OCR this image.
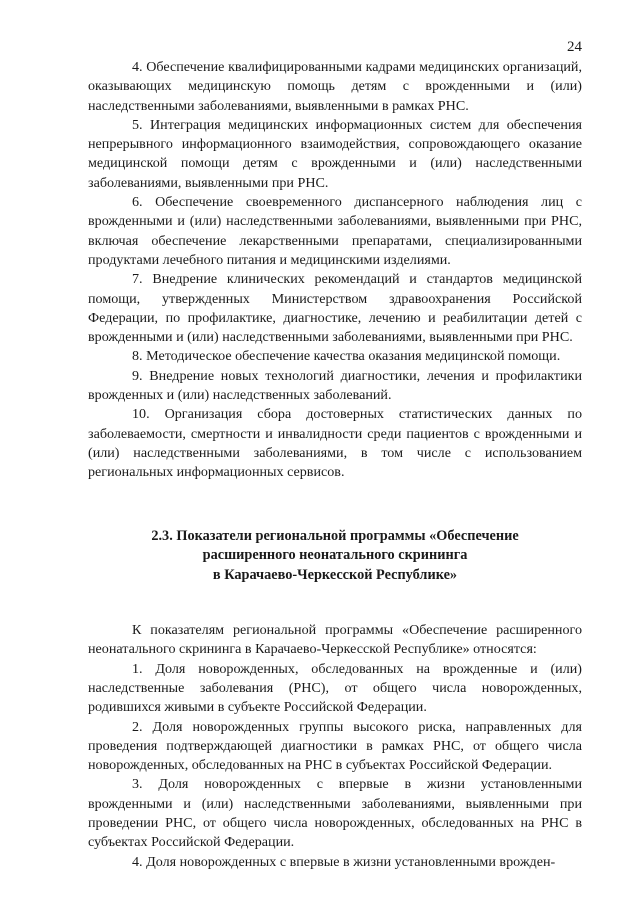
24

4. Обеспечение квалифицированными кадрами медицинских организаций, оказывающих медицинскую помощь детям с врожденными и (или) наследственными заболеваниями, выявленными в рамках РНС.

5. Интеграция медицинских информационных систем для обеспечения непрерывного информационного взаимодействия, сопровождающего оказание медицинской помощи детям с врожденными и (или) наследственными заболеваниями, выявленными при РНС.

6. Обеспечение своевременного диспансерного наблюдения лиц с врожденными и (или) наследственными заболеваниями, выявленными при РНС, включая обеспечение лекарственными препаратами, специализированными продуктами лечебного питания и медицинскими изделиями.

7. Внедрение клинических рекомендаций и стандартов медицинской помощи, утвержденных Министерством здравоохранения Российской Федерации, по профилактике, диагностике, лечению и реабилитации детей с врожденными и (или) наследственными заболеваниями, выявленными при РНС.

8. Методическое обеспечение качества оказания медицинской помощи.

9. Внедрение новых технологий диагностики, лечения и профилактики врожденных и (или) наследственных заболеваний.

10. Организация сбора достоверных статистических данных по заболеваемости, смертности и инвалидности среди пациентов с врожденными и (или) наследственными заболеваниями, в том числе с использованием региональных информационных сервисов.

2.3. Показатели региональной программы «Обеспечение
расширенного неонатального скрининга
в Карачаево-Черкесской Республике»

К показателям региональной программы «Обеспечение расширенного неонатального скрининга в Карачаево-Черкесской Республике» относятся:

1. Доля новорожденных, обследованных на врожденные и (или) наследственные заболевания (РНС), от общего числа новорожденных, родившихся живыми в субъекте Российской Федерации.

2. Доля новорожденных группы высокого риска, направленных для проведения подтверждающей диагностики в рамках РНС, от общего числа новорожденных, обследованных на РНС в субъектах Российской Федерации.

3. Доля новорожденных с впервые в жизни установленными врожденными и (или) наследственными заболеваниями, выявленными при проведении РНС, от общего числа новорожденных, обследованных на РНС в субъектах Российской Федерации.

4. Доля новорожденных с впервые в жизни установленными врожден-
